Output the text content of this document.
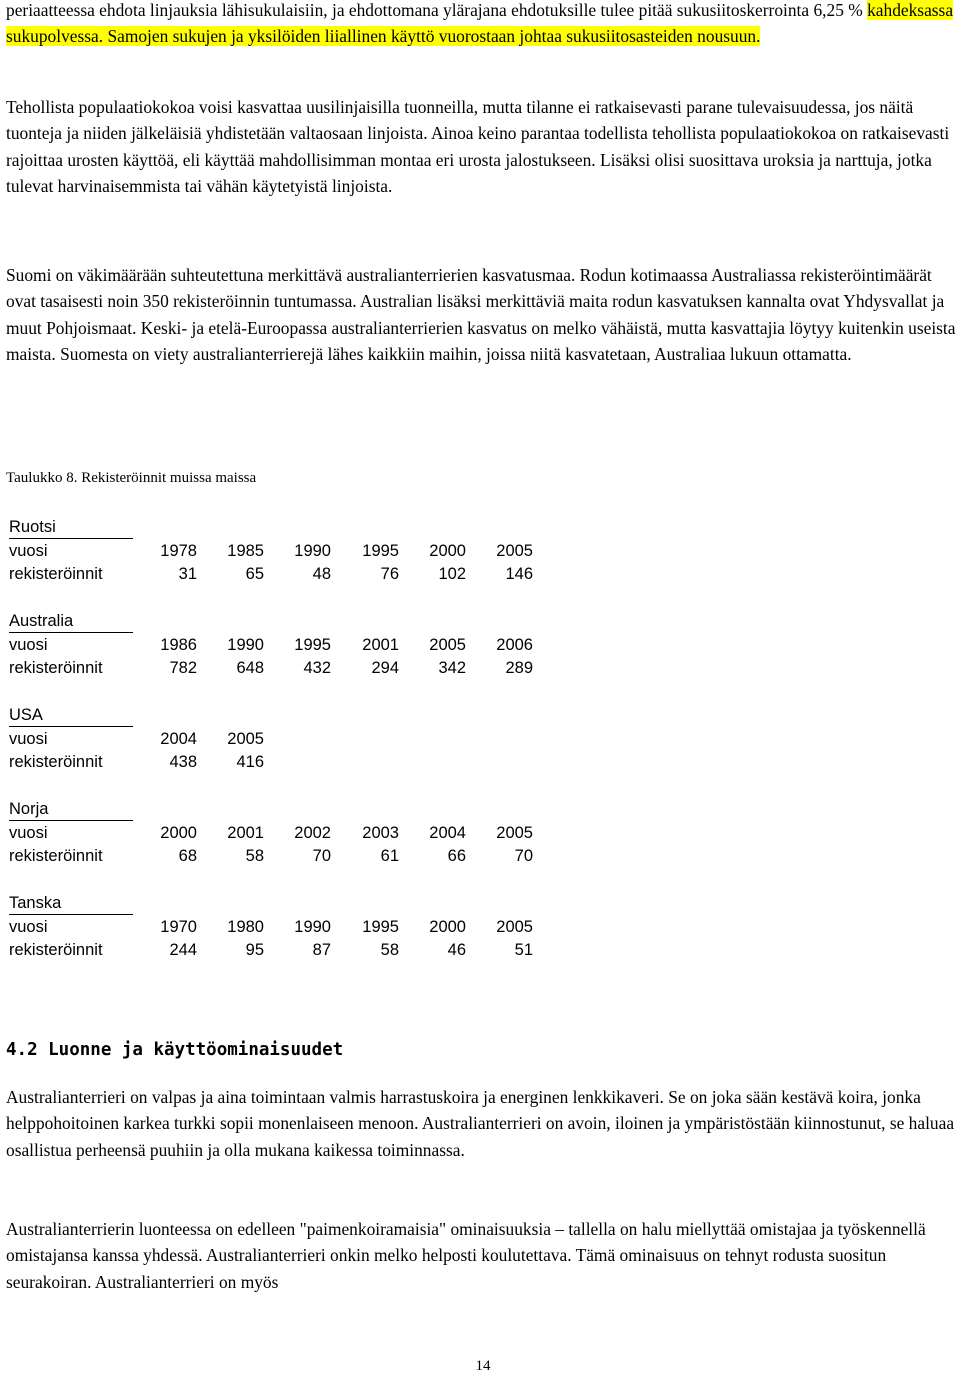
periaatteessa ehdota linjauksia lähisukulaisiin, ja ehdottomana ylärajana ehdotuksille tulee pitää sukusiitoskerrointa 6,25 % kahdeksassa sukupolvessa. Samojen sukujen ja yksilöiden liiallinen käyttö vuorostaan johtaa sukusiitosasteiden nousuun.

Tehollista populaatiokokoa voisi kasvattaa uusilinjaisilla tuonneilla, mutta tilanne ei ratkaisevasti parane tulevaisuudessa, jos näitä tuonteja ja niiden jälkeläisiä yhdistetään valtaosaan linjoista. Ainoa keino parantaa todellista tehollista populaatiokokoa on ratkaisevasti rajoittaa urosten käyttöä, eli käyttää mahdollisimman montaa eri urosta jalostukseen. Lisäksi olisi suosittava uroksia ja narttuja, jotka tulevat harvinaisemmista tai vähän käytetyistä linjoista.

Suomi on väkimäärään suhteutettuna merkittävä australianterrierien kasvatusmaa. Rodun kotimaassa Australiassa rekisteröintimäärät ovat tasaisesti noin 350 rekisteröinnin tuntumassa. Australian lisäksi merkittäviä maita rodun kasvatuksen kannalta ovat Yhdysvallat ja muut Pohjoismaat. Keski- ja etelä-Euroopassa australianterrierien kasvatus on melko vähäistä, mutta kasvattajia löytyy kuitenkin useista maista. Suomesta on viety australianterrierejä lähes kaikkiin maihin, joissa niitä kasvatetaan, Australiaa lukuun ottamatta.

Taulukko 8. Rekisteröinnit muissa maissa

Ruotsi
vuosi	1978	1985	1990	1995	2000	2005
rekisteröinnit	31	65	48	76	102	146
Australia
vuosi	1986	1990	1995	2001	2005	2006
rekisteröinnit	782	648	432	294	342	289
USA
vuosi	2004	2005
rekisteröinnit	438	416
Norja
vuosi	2000	2001	2002	2003	2004	2005
rekisteröinnit	68	58	70	61	66	70
Tanska
vuosi	1970	1980	1990	1995	2000	2005
rekisteröinnit	244	95	87	58	46	51
4.2 Luonne ja käyttöominaisuudet

Australianterrieri on valpas ja aina toimintaan valmis harrastuskoira ja energinen lenkkikaveri. Se on joka sään kestävä koira, jonka helppohoitoinen karkea turkki sopii monenlaiseen menoon. Australianterrieri on avoin, iloinen ja ympäristöstään kiinnostunut, se haluaa osallistua perheensä puuhiin ja olla mukana kaikessa toiminnassa.

Australianterrierin luonteessa on edelleen "paimenkoiramaisia" ominaisuuksia – tallella on halu miellyttää omistajaa ja työskennellä omistajansa kanssa yhdessä. Australianterrieri onkin melko helposti koulutettava. Tämä ominaisuus on tehnyt rodusta suositun seurakoiran. Australianterrieri on myös

14
